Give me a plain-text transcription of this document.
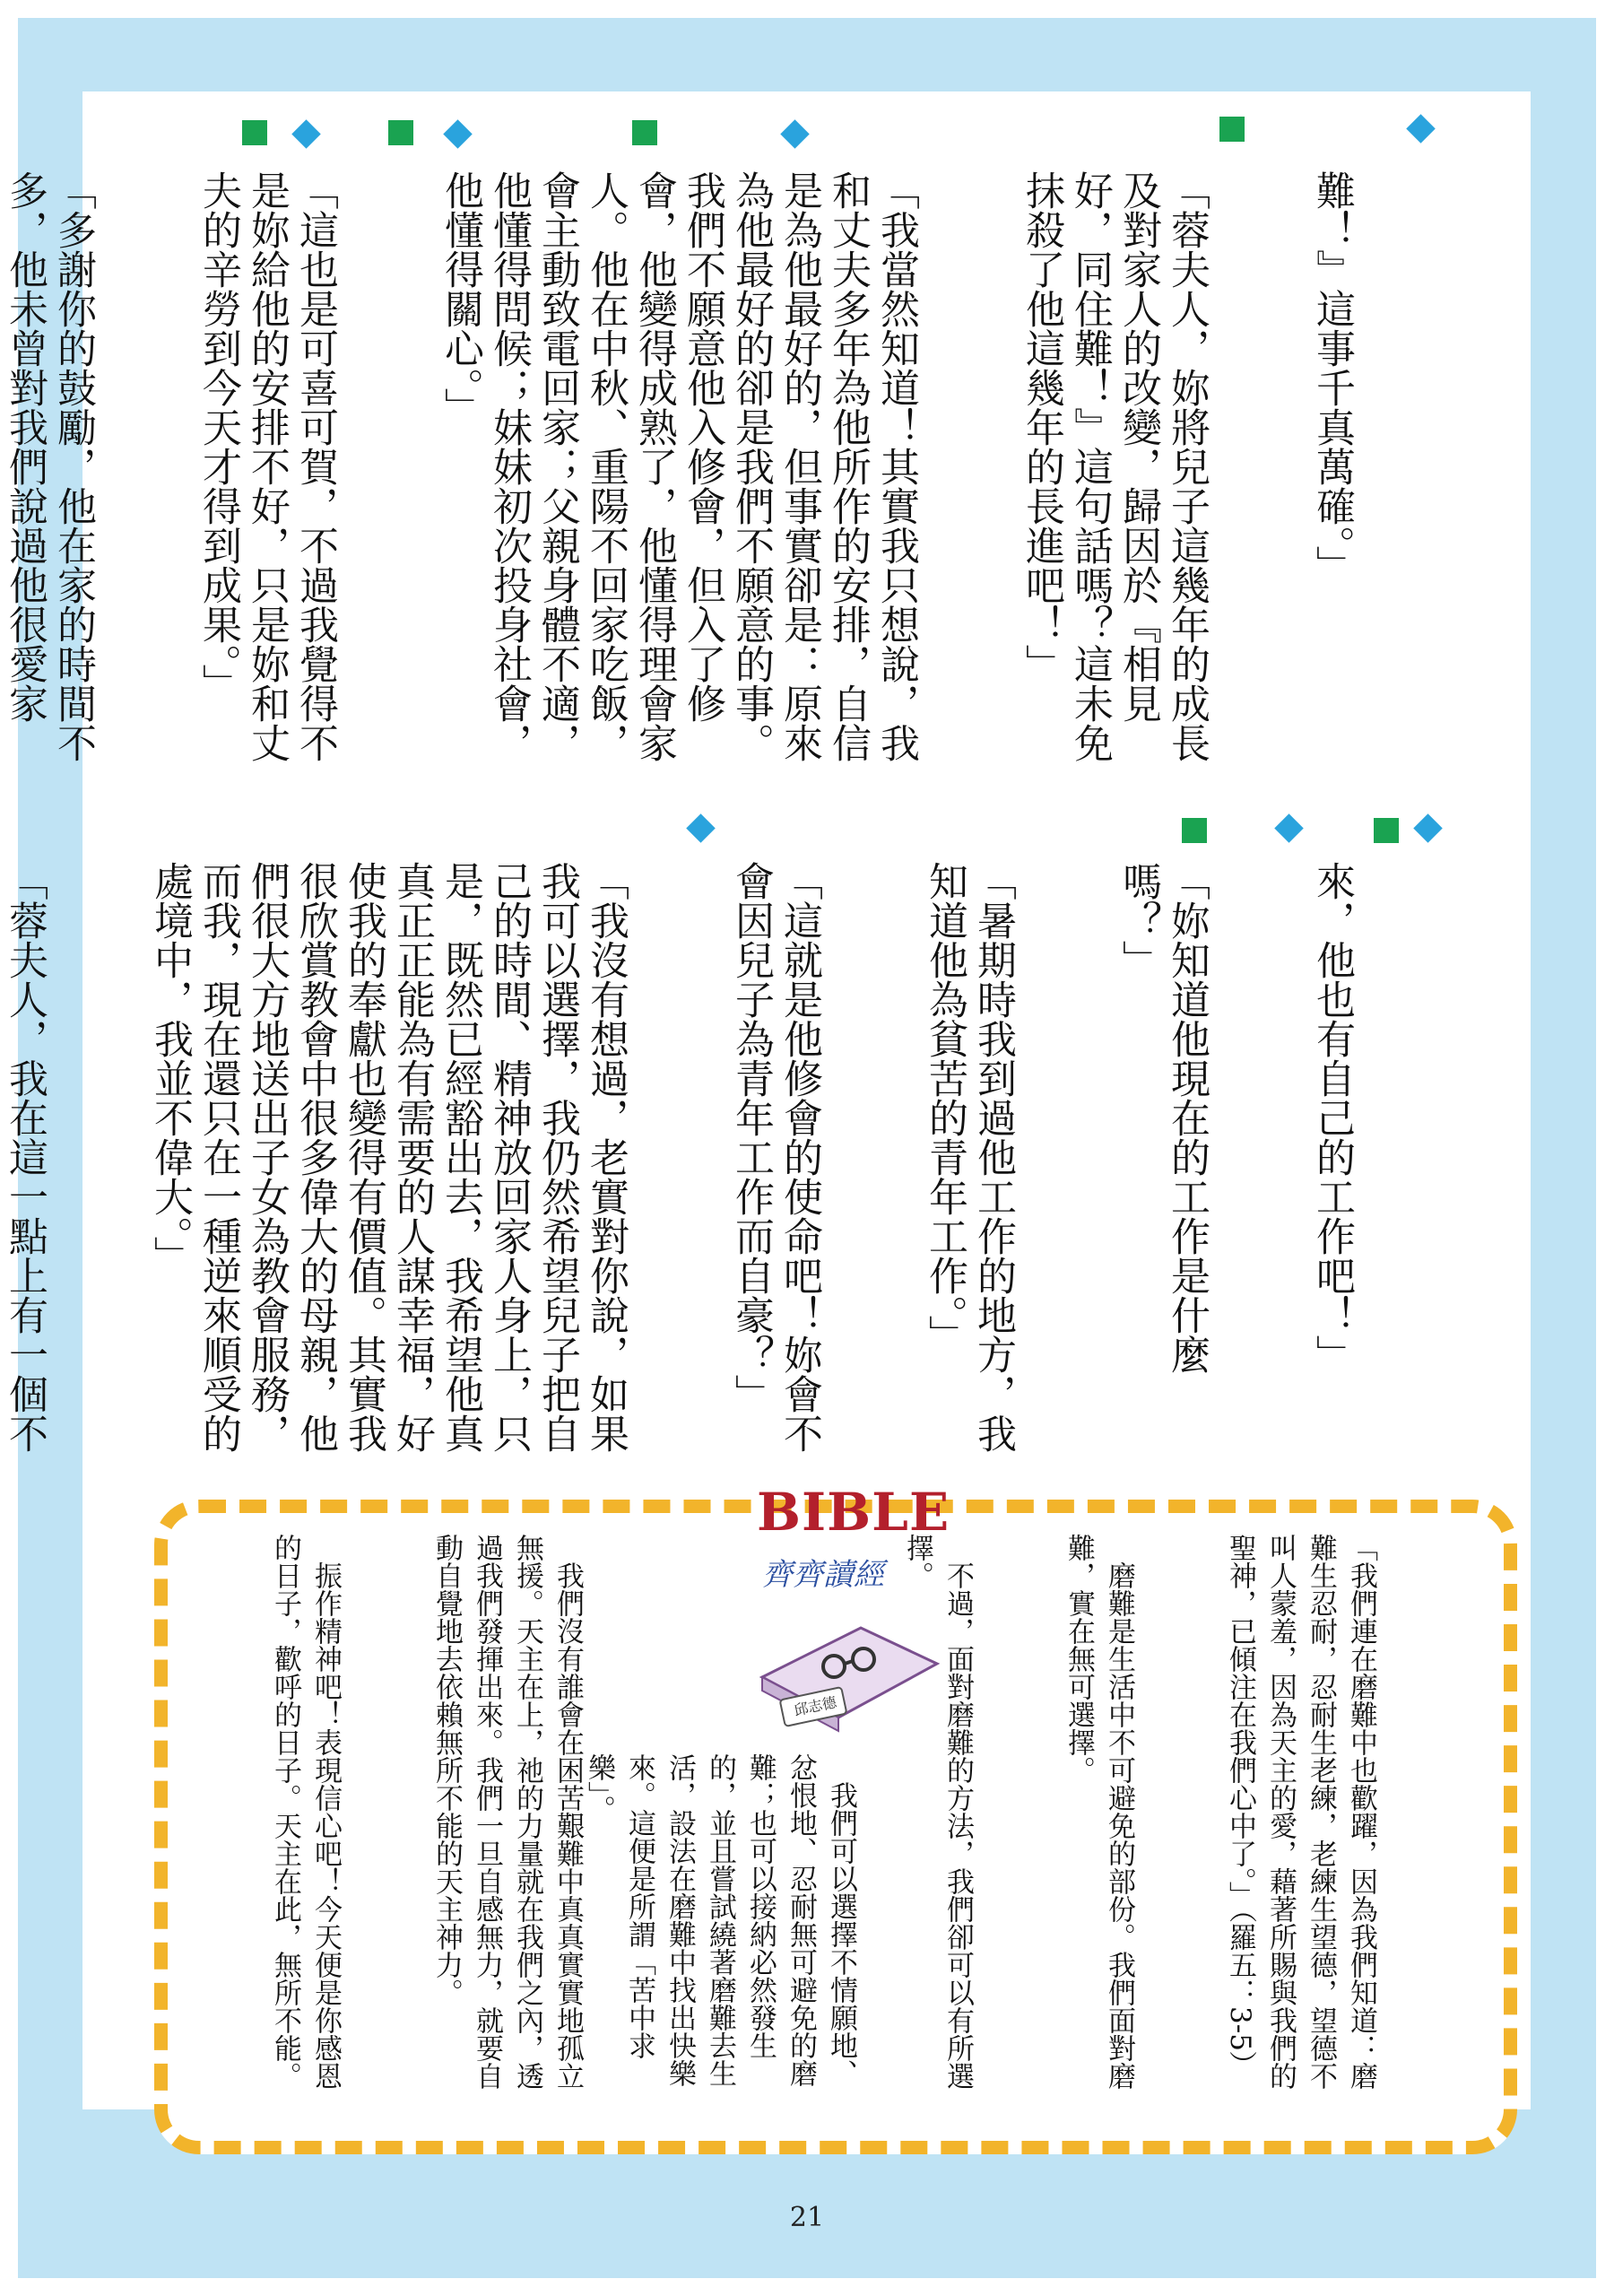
難！』這事千真萬確。」

「蓉夫人，妳將兒子這幾年的成長及對家人的改變，歸因於『相見好，同住難！』這句話嗎？這未免抹殺了他這幾年的長進吧！」

「我當然知道！其實我只想說，我和丈夫多年為他所作的安排，自信是為他最好的，但事實卻是：原來為他最好的卻是我們不願意的事。我們不願意他入修會，但入了修會，他變得成熟了，他懂得理會家人。他在中秋、重陽不回家吃飯，會主動致電回家；父親身體不適，他懂得問候；妹妹初次投身社會，他懂得關心。」

「這也是可喜可賀，不過我覺得不是妳給他的安排不好，只是妳和丈夫的辛勞到今天才得到成果。」

「多謝你的鼓勵，他在家的時間不多，他未曾對我們說過他很愛家

來，他也有自己的工作吧！」

「妳知道他現在的工作是什麼嗎？」

「暑期時我到過他工作的地方，我知道他為貧苦的青年工作。」

「這就是他修會的使命吧！妳會不會因兒子為青年工作而自豪？」

「我沒有想過，老實對你說，如果我可以選擇，我仍然希望兒子把自己的時間、精神放回家人身上，只是，既然已經豁出去，我希望他真真正正能為有需要的人謀幸福，好使我的奉獻也變得有價值。其實我很欣賞教會中很多偉大的母親，他們很大方地送出子女為教會服務，而我，現在還只在一種逆來順受的處境中，我並不偉大。」

「蓉夫人，我在這一點上有一個不

「我們連在磨難中也歡躍，因為我們知道：磨難生忍耐，忍耐生老練，老練生望德，望德不叫人蒙羞，因為天主的愛，藉著所賜與我們的聖神，已傾注在我們心中了。」（羅五：3-5）

　磨難是生活中不可避免的部份。我們面對磨難，實在無可選擇。

　不過，面對磨難的方法，我們卻可以有所選擇。

　我們可以選擇不情願地、忿恨地、忍耐無可避免的磨難；也可以接納必然發生的，並且嘗試繞著磨難去生活，設法在磨難中找出快樂來。這便是所謂「苦中求樂」。

　我們沒有誰會在困苦艱難中真真實實地孤立無援。天主在上，祂的力量就在我們之內，透過我們發揮出來。我們一旦自感無力，就要自動自覺地去依賴無所不能的天主神力。

　振作精神吧！表現信心吧！今天便是你感恩的日子，歡呼的日子。天主在此，無所不能。

BIBLE
齊齊讀經
邱志德
21
